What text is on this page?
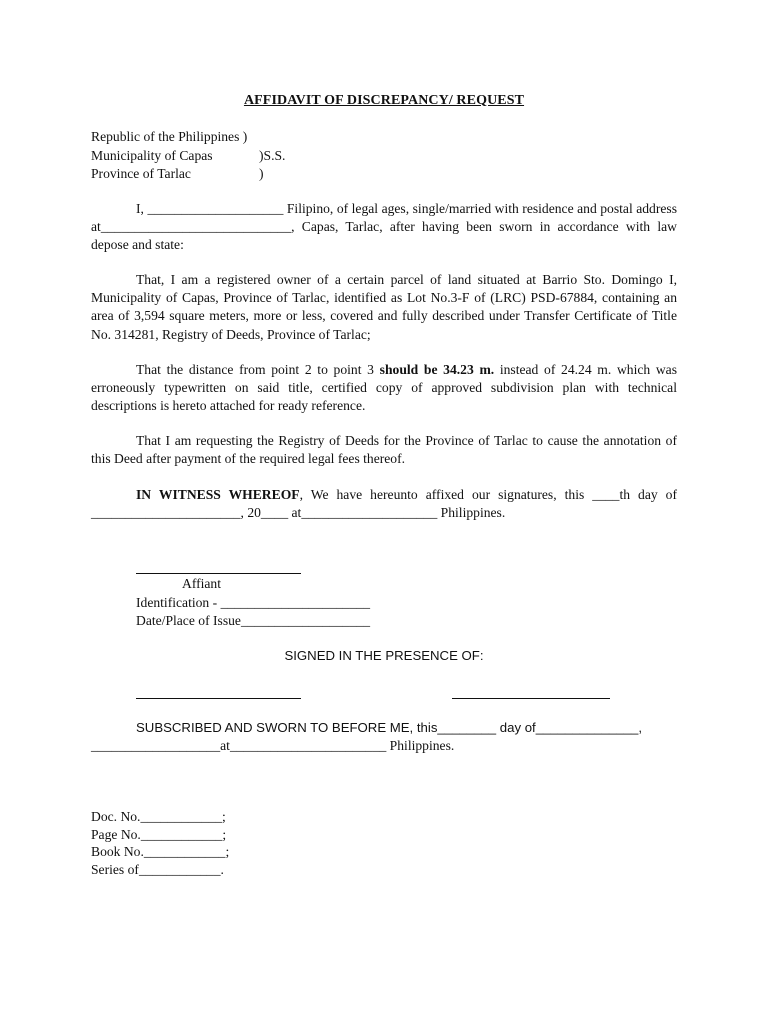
AFFIDAVIT OF DISCREPANCY/ REQUEST
Republic of the Philippines )
Municipality of Capas	)S.S.
Province of Tarlac	)

I, ____________________ Filipino, of legal ages, single/married with residence and postal address at____________________________, Capas, Tarlac, after having been sworn in accordance with law depose and state:

That, I am a registered owner of a certain parcel of land situated at Barrio Sto. Domingo I, Municipality of Capas, Province of Tarlac, identified as Lot No.3-F of (LRC) PSD-67884, containing an area of 3,594 square meters, more or less, covered and fully described under Transfer Certificate of Title No. 314281, Registry of Deeds, Province of Tarlac;

That the distance from point 2 to point 3 should be 34.23 m. instead of 24.24 m. which was erroneously typewritten on said title, certified copy of approved subdivision plan with technical descriptions is hereto attached for ready reference.

That I am requesting the Registry of Deeds for the Province of Tarlac to cause the annotation of this Deed after payment of the required legal fees thereof.

IN WITNESS WHEREOF, We have hereunto affixed our signatures, this ____th day of ______________________, 20____ at____________________ Philippines.

Affiant
Identification - ______________________
Date/Place of Issue___________________
SIGNED IN THE PRESENCE OF:
SUBSCRIBED AND SWORN TO BEFORE ME, this________ day of______________,
___________________at_______________________ Philippines.
Doc. No.____________;
Page No.____________;
Book No.____________;
Series of____________.
